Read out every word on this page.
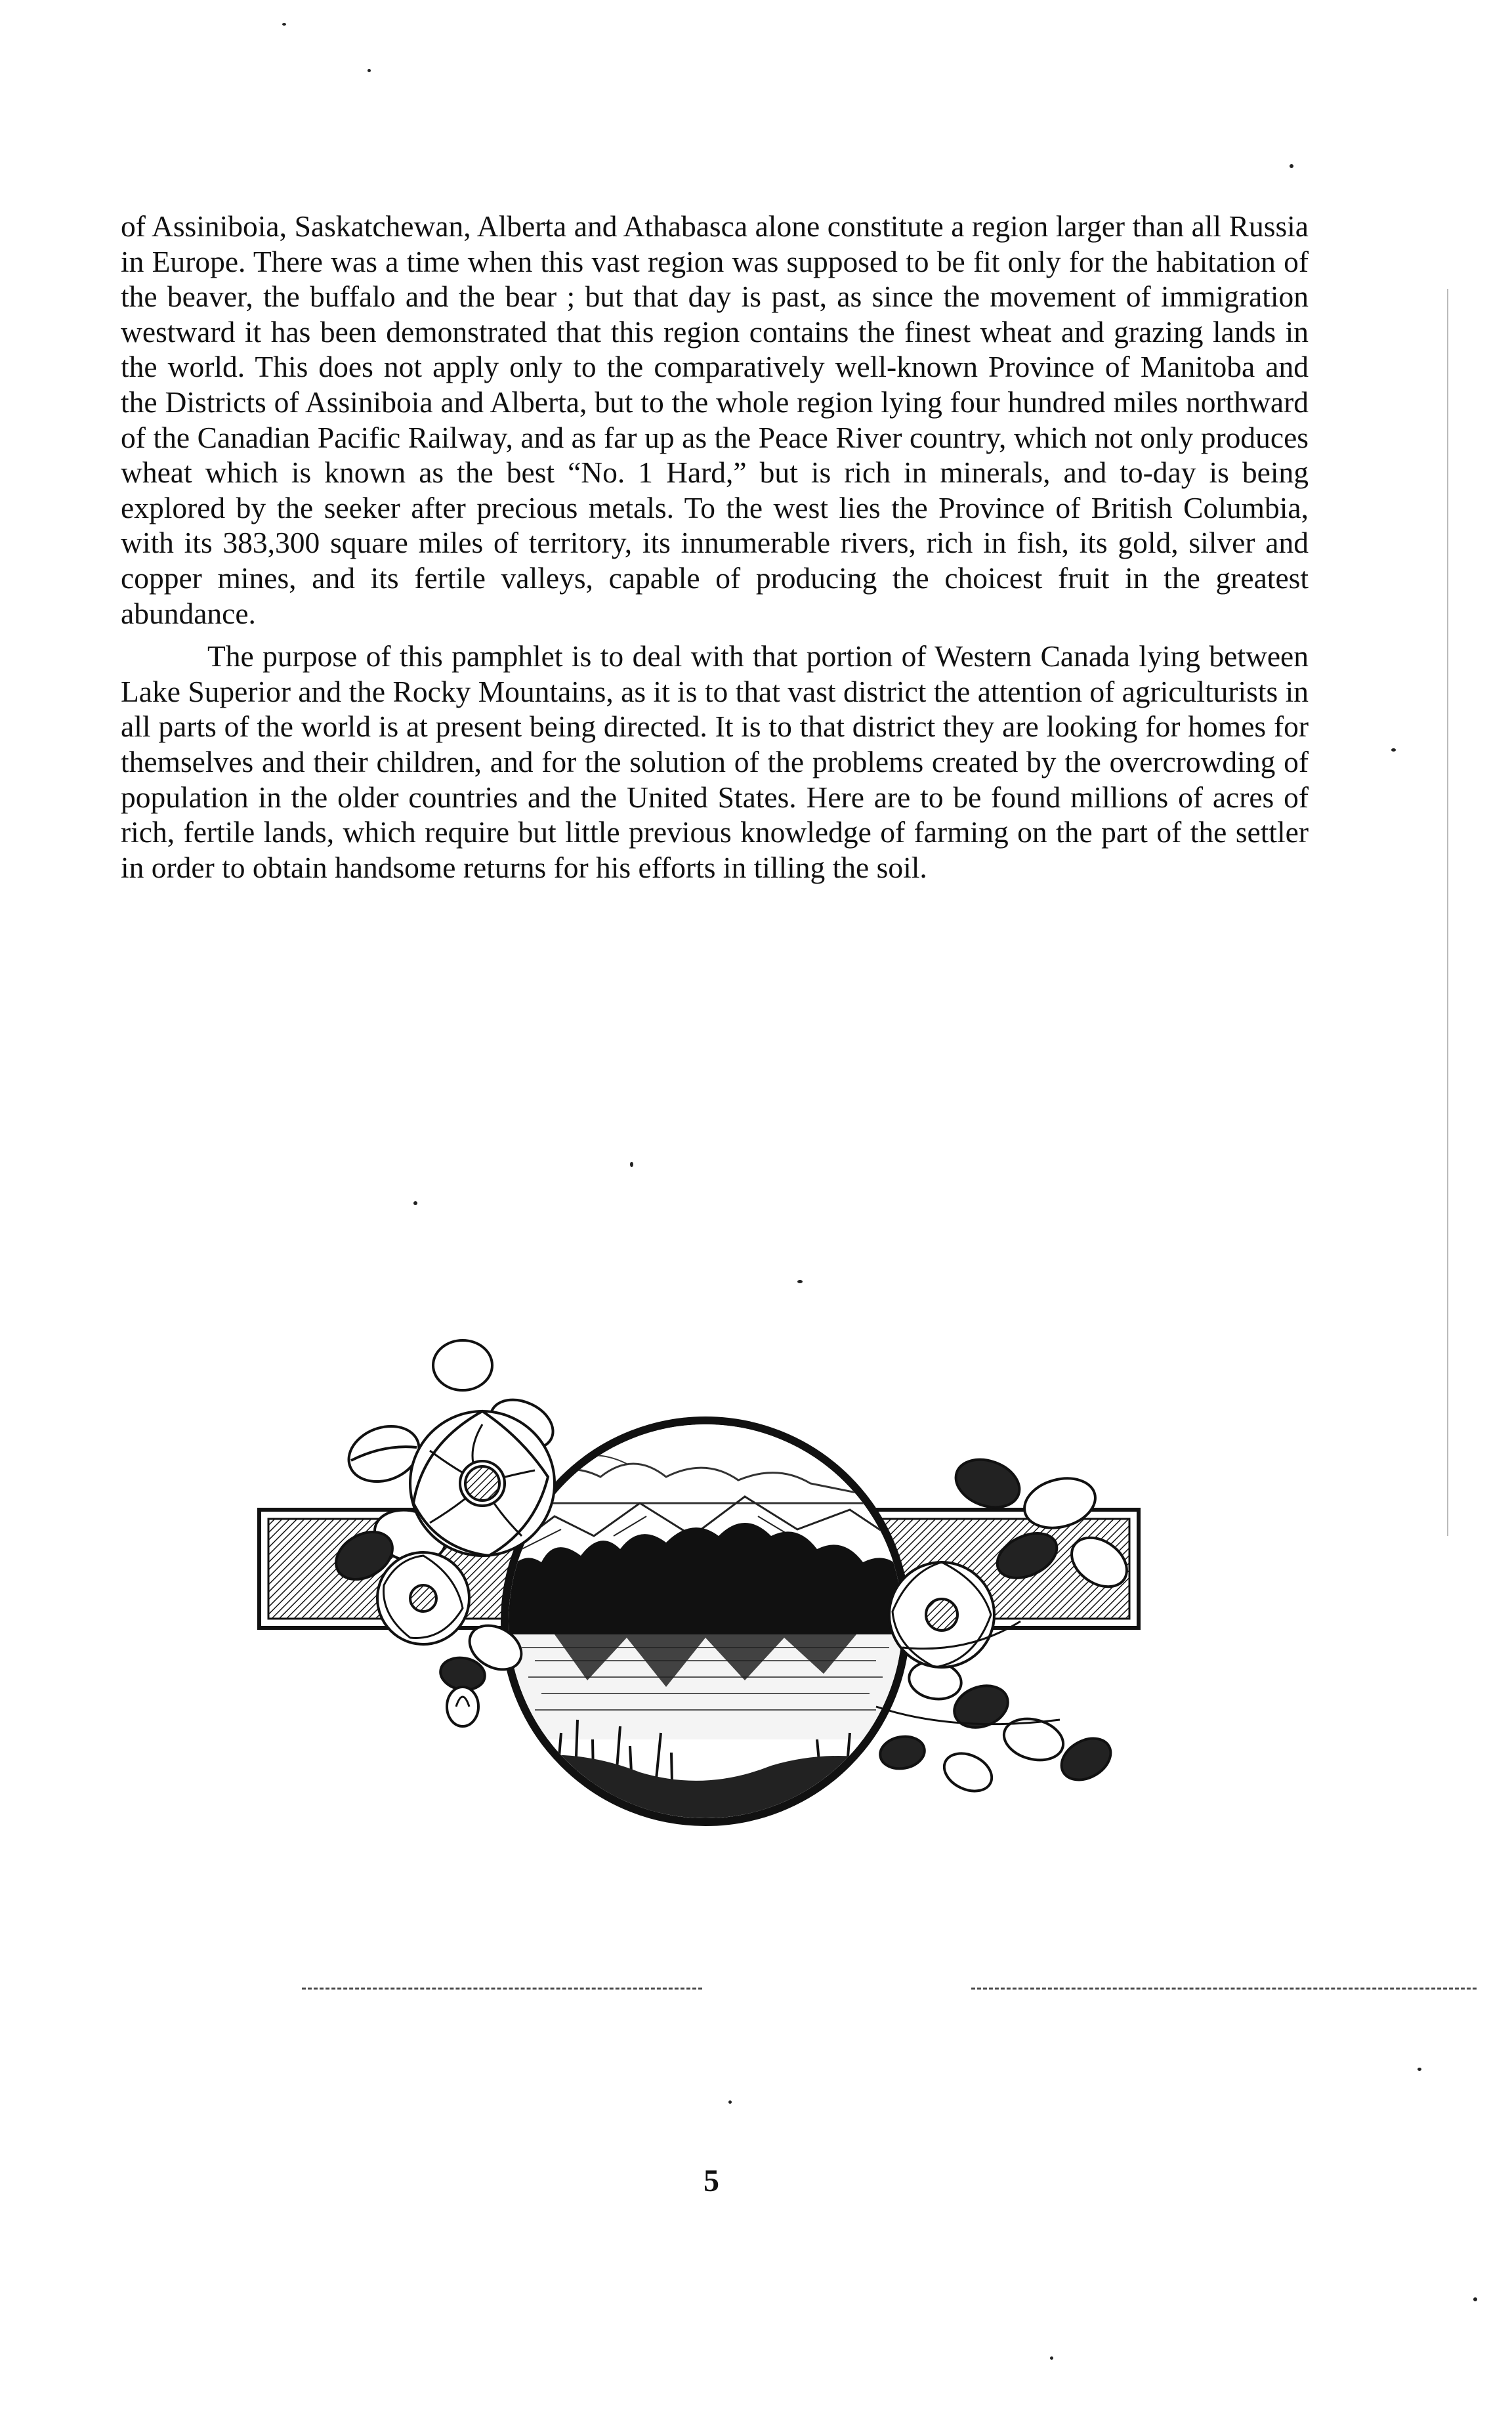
of Assiniboia, Saskatchewan, Alberta and Athabasca alone constitute a region larger than all Russia in Europe. There was a time when this vast region was supposed to be fit only for the habitation of the beaver, the buffalo and the bear ; but that day is past, as since the movement of immigration westward it has been demonstrated that this region contains the finest wheat and grazing lands in the world. This does not apply only to the comparatively well-known Province of Manitoba and the Districts of Assiniboia and Alberta, but to the whole region lying four hundred miles northward of the Canadian Pacific Railway, and as far up as the Peace River country, which not only produces wheat which is known as the best “No. 1 Hard,” but is rich in minerals, and to-day is being explored by the seeker after precious metals. To the west lies the Province of British Columbia, with its 383,300 square miles of territory, its innumerable rivers, rich in fish, its gold, silver and copper mines, and its fertile valleys, capable of producing the choicest fruit in the greatest abundance.

The purpose of this pamphlet is to deal with that portion of Western Canada lying between Lake Superior and the Rocky Mountains, as it is to that vast district the attention of agriculturists in all parts of the world is at present being directed. It is to that district they are looking for homes for themselves and their children, and for the solution of the problems created by the overcrowding of population in the older countries and the United States. Here are to be found millions of acres of rich, fertile lands, which require but little previous knowledge of farming on the part of the settler in order to obtain handsome returns for his efforts in tilling the soil.

5
